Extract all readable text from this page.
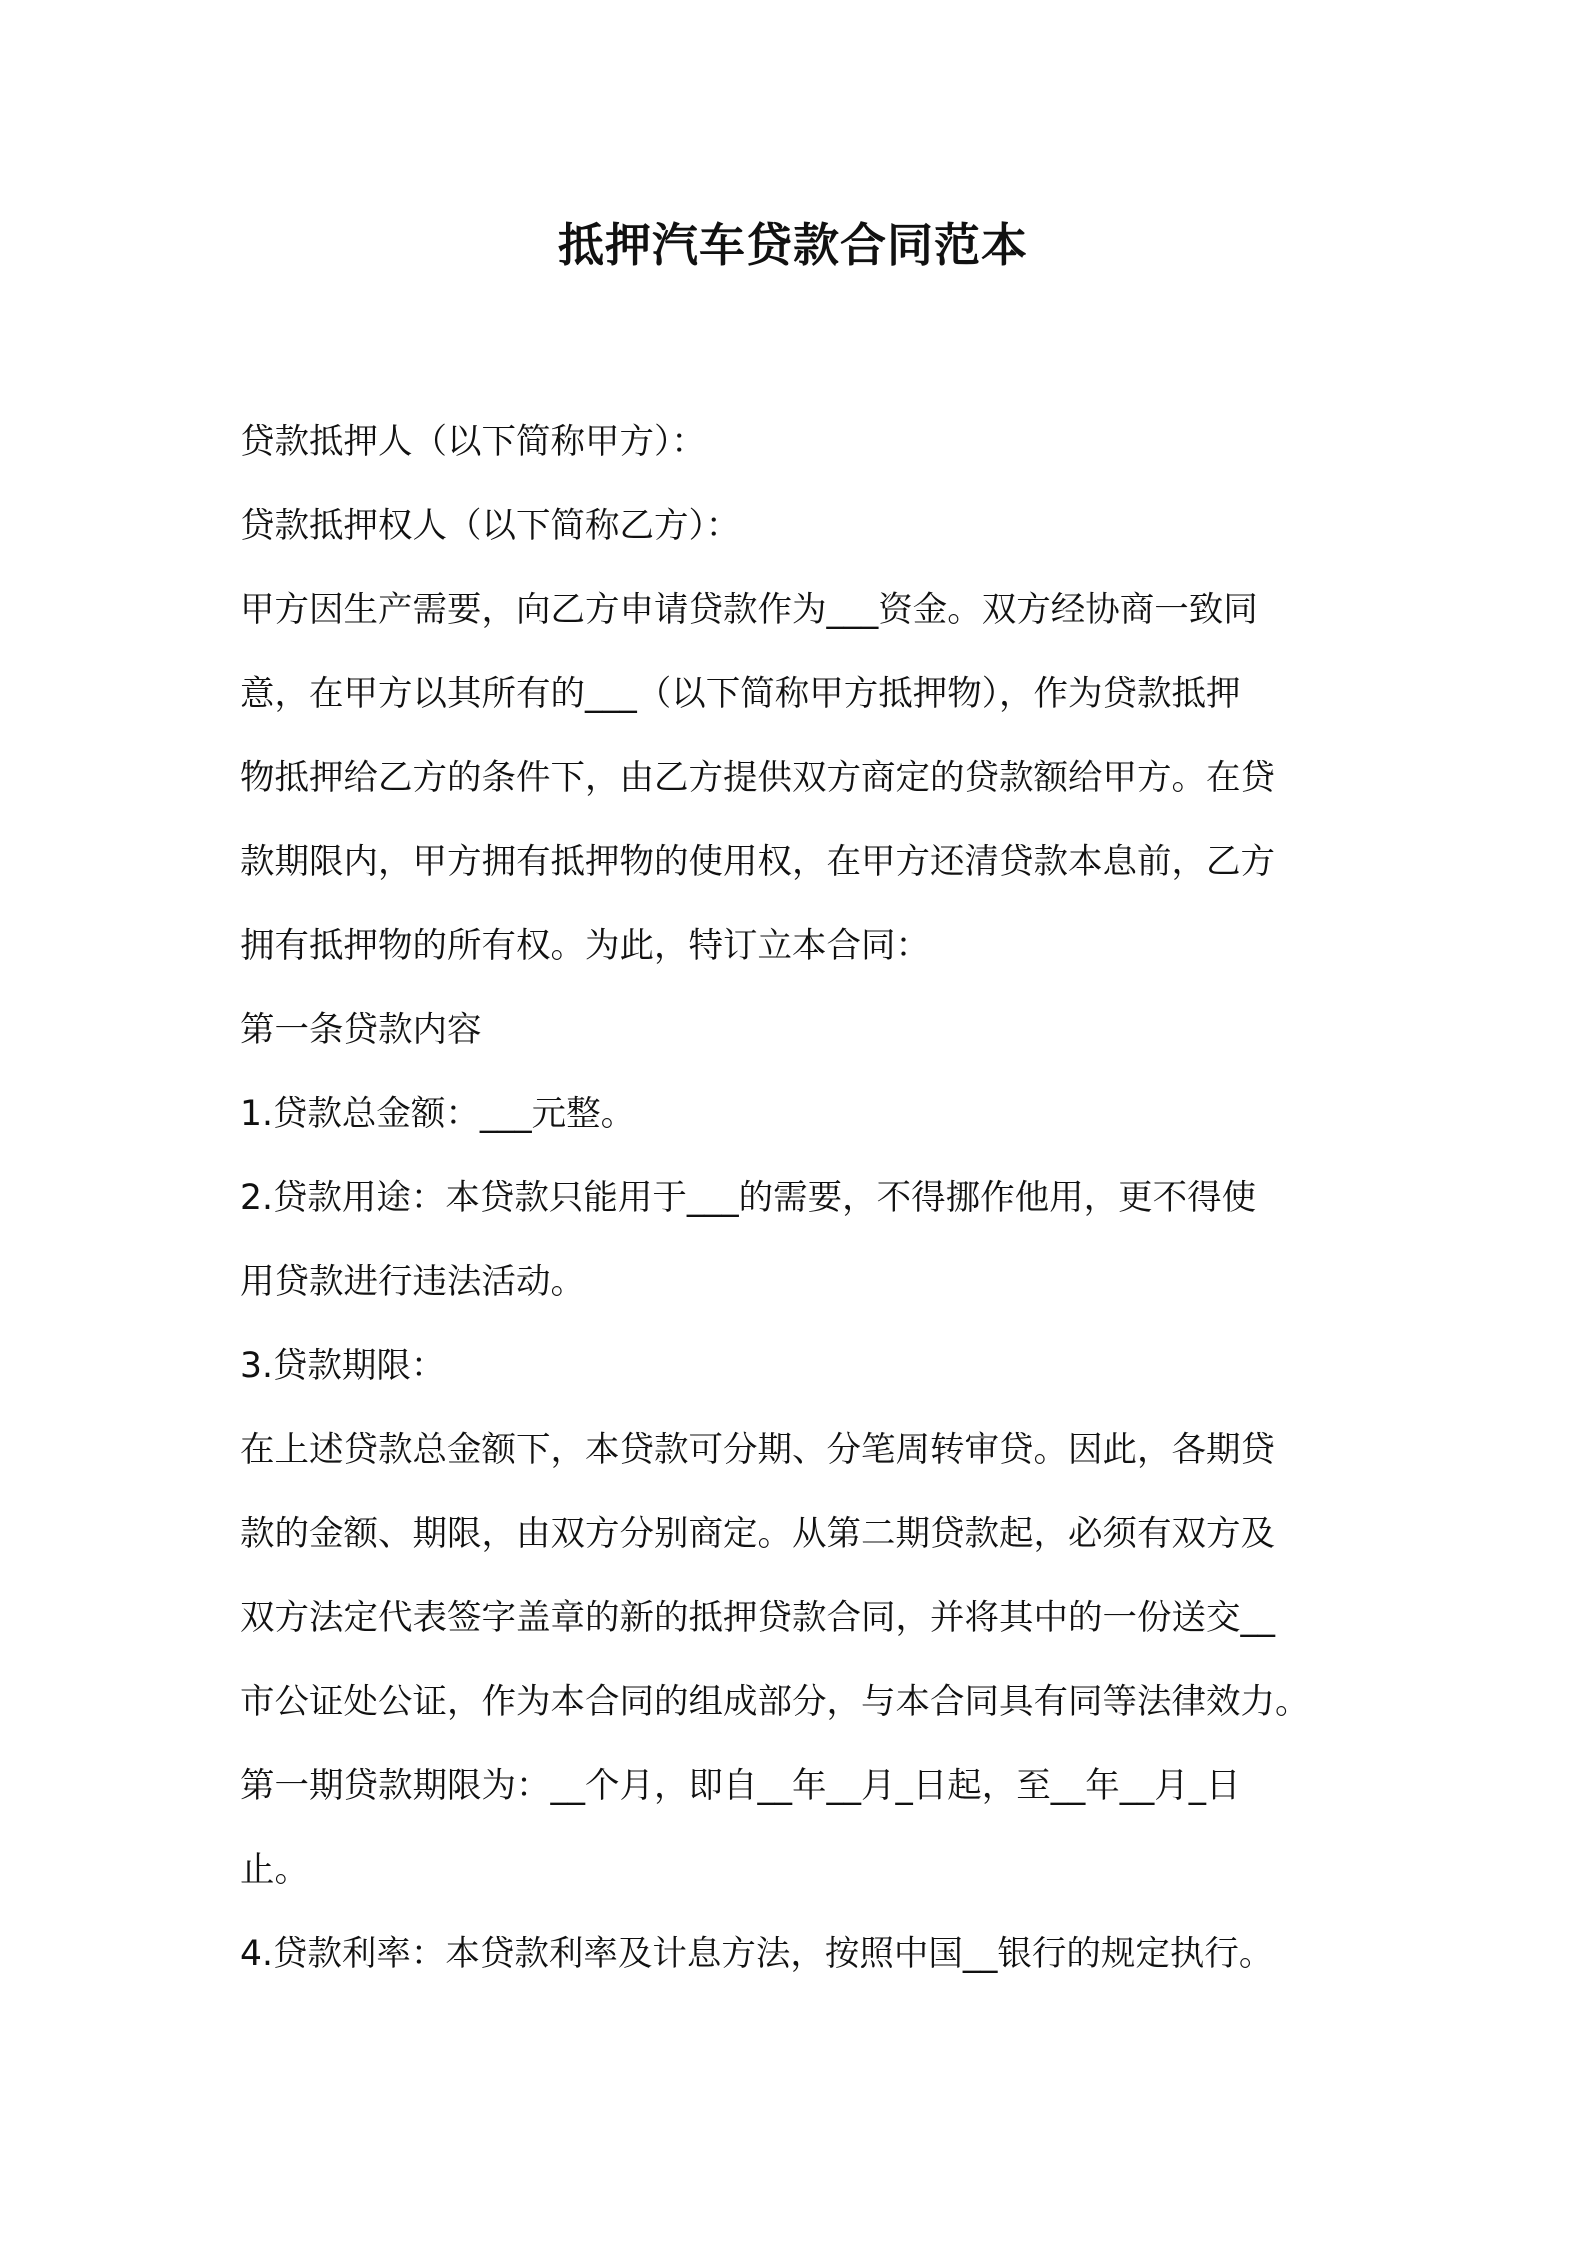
抵押汽车贷款合同范本
贷款抵押人（以下简称甲方）：
贷款抵押权人（以下简称乙方）：
甲方因生产需要，向乙方申请贷款作为___资金。双方经协商一致同
意，在甲方以其所有的___（以下简称甲方抵押物），作为贷款抵押
物抵押给乙方的条件下，由乙方提供双方商定的贷款额给甲方。在贷
款期限内，甲方拥有抵押物的使用权，在甲方还清贷款本息前，乙方
拥有抵押物的所有权。为此，特订立本合同：
第一条贷款内容
1.贷款总金额：___元整。
2.贷款用途：本贷款只能用于___的需要，不得挪作他用，更不得使
用贷款进行违法活动。
3.贷款期限：
在上述贷款总金额下，本贷款可分期、分笔周转审贷。因此，各期贷
款的金额、期限，由双方分别商定。从第二期贷款起，必须有双方及
双方法定代表签字盖章的新的抵押贷款合同，并将其中的一份送交__
市公证处公证，作为本合同的组成部分，与本合同具有同等法律效力。
第一期贷款期限为：__个月，即自__年__月_日起，至__年__月_日
止。
4.贷款利率：本贷款利率及计息方法，按照中国__银行的规定执行。
